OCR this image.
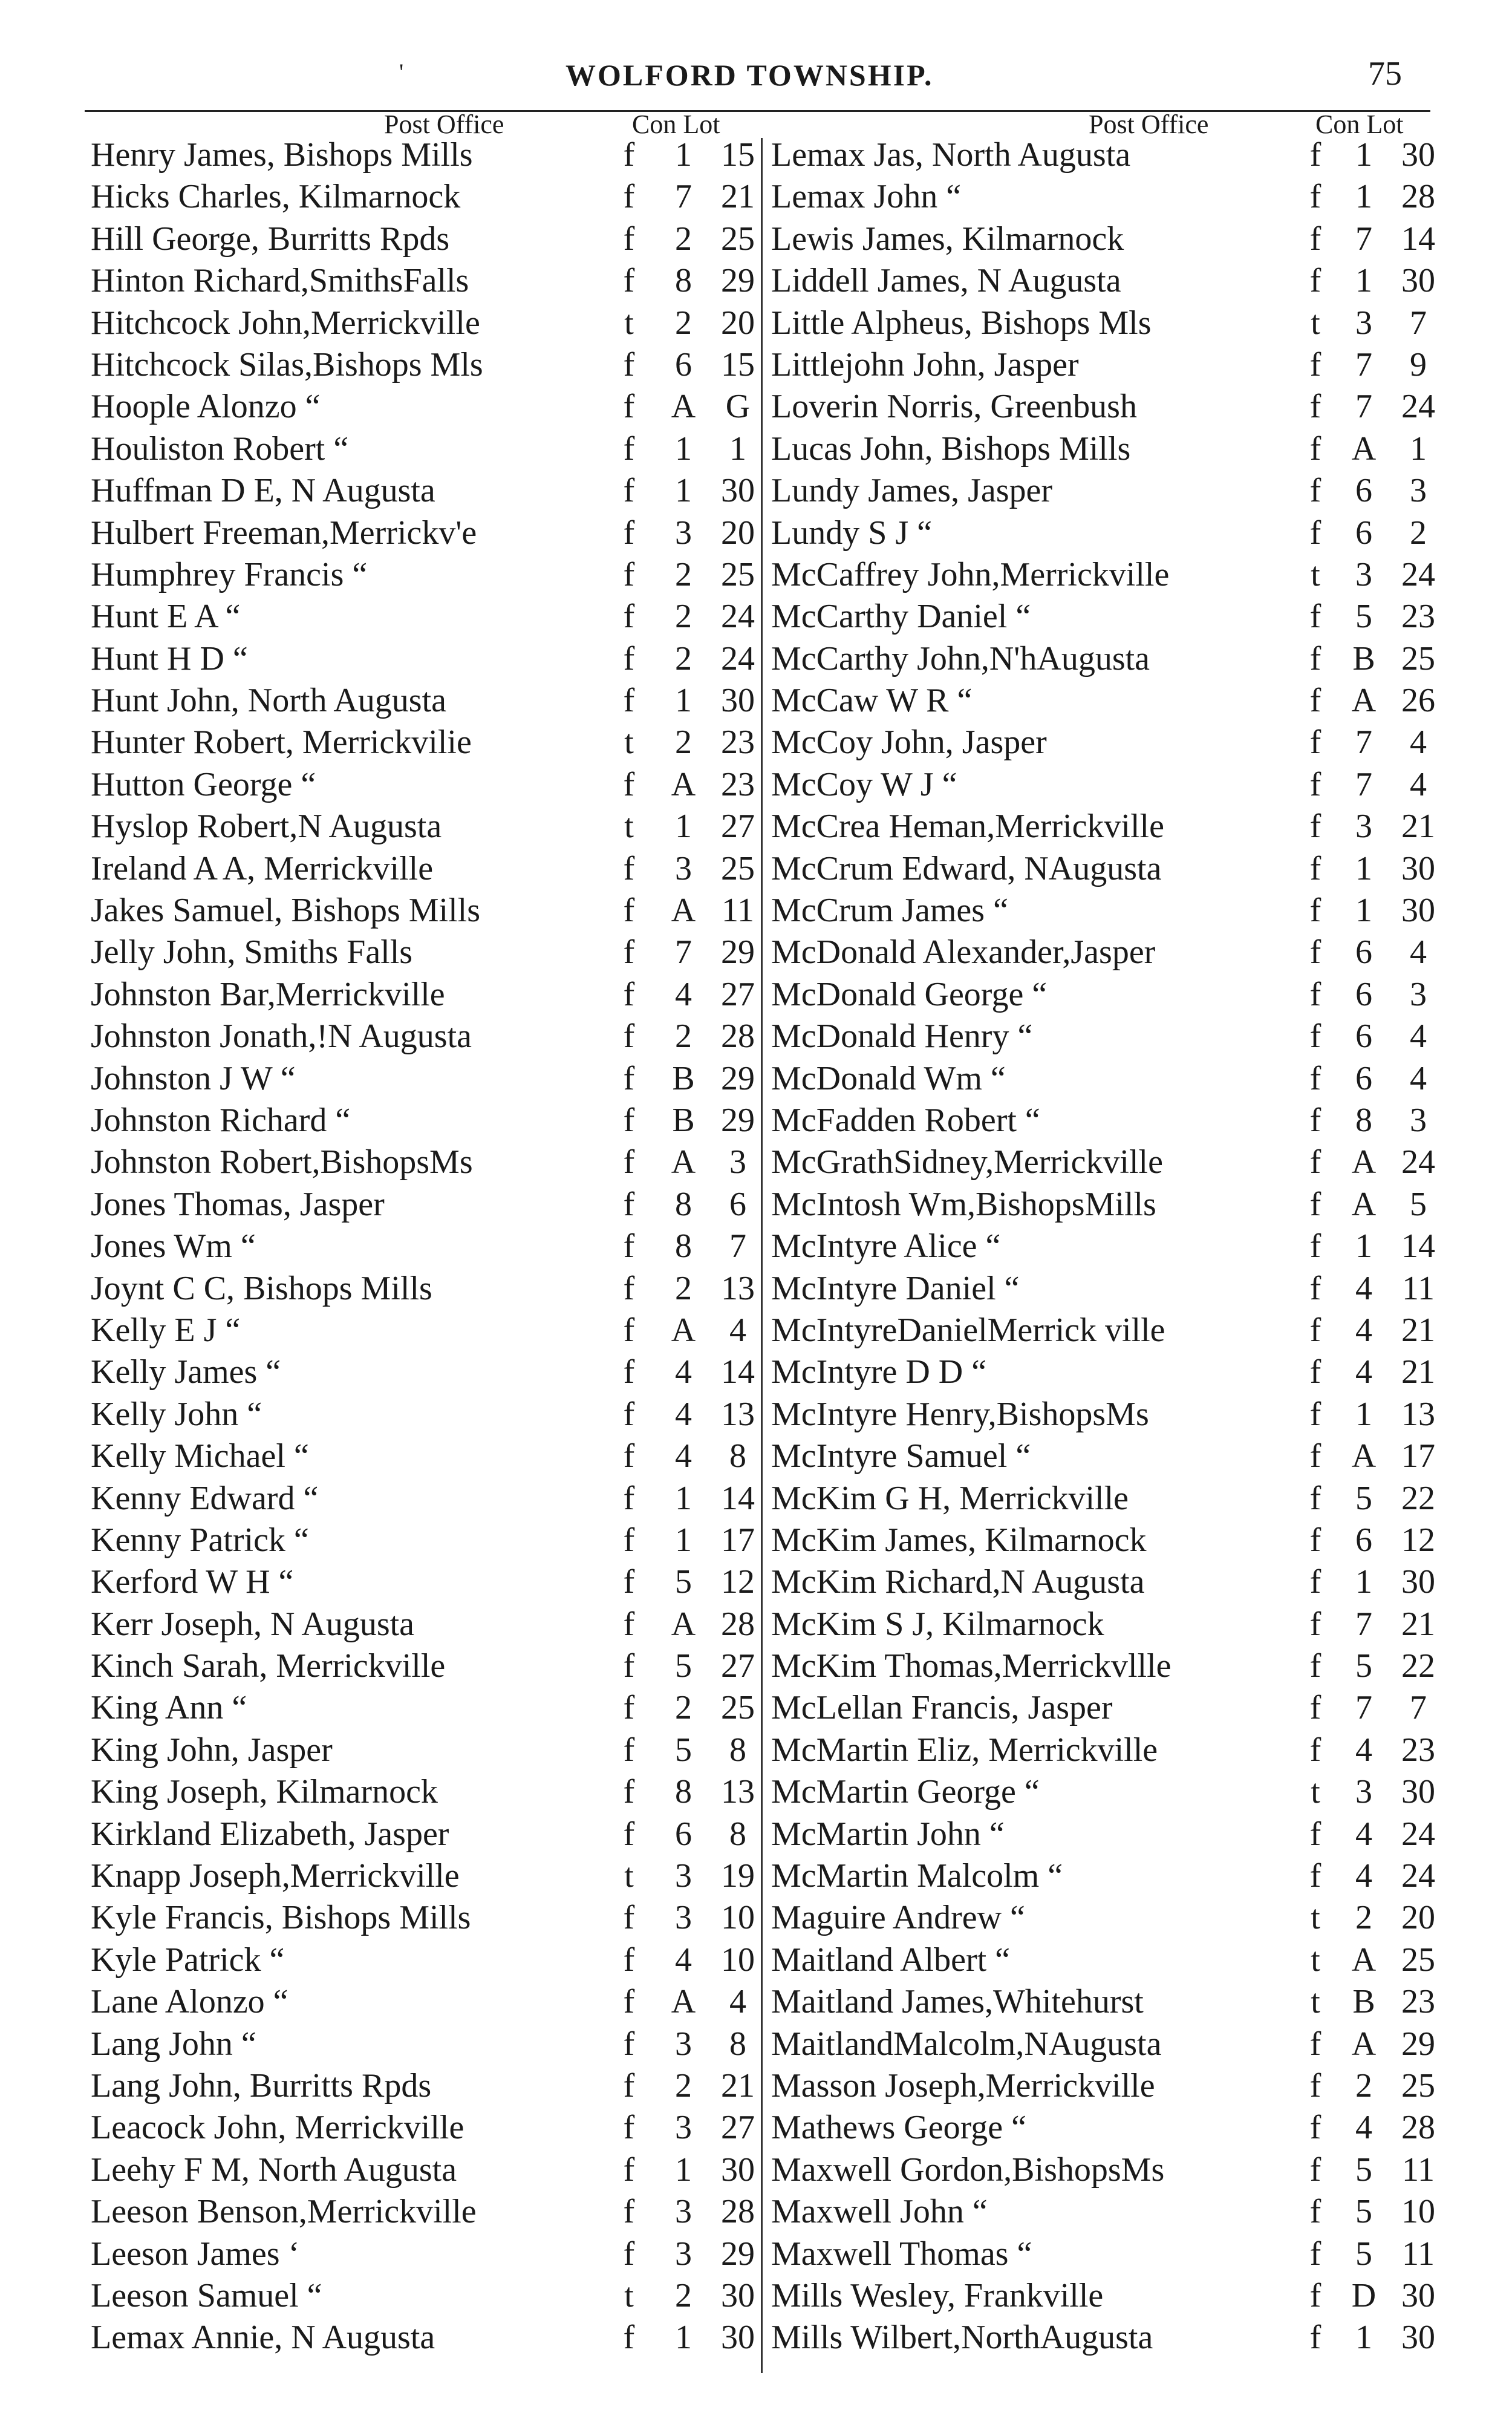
'	WOLFORD TOWNSHIP.	75
Post Office	Con Lot	Post Office	Con Lot
Henry James, Bishops Mills	f	1 15
Hicks Charles, Kilmarnock	f	7 21
Hill George, Burritts Rpds	f	2 25
Hinton Richard,SmithsFalls	f	8 29
Hitchcock John,Merrickville	t	2 20
Hitchcock Silas,Bishops Mls	f	6 15
Hoople Alonzo “	f	A G
Houliston Robert “	f	1	1
Huffman D E, N Augusta	f	1 30
Hulbert Freeman,Merrickv'e	f	3 20
Humphrey Francis “	f	2 25
Hunt E A “	f	2 24
Hunt H D “	f	2 24
Hunt John, North Augusta	f	1 30
Hunter Robert, Merrickvilie	t	2 23
Hutton George “	f	A 23
Hyslop Robert,N Augusta	t	1 27
Ireland A A, Merrickville	f	3 25
Jakes Samuel, Bishops Mills	f	A 11
Jelly John, Smiths Falls	f	7 29
Johnston Bar,Merrickville	f	4 27
Johnston Jonath,!N Augusta	f	2 28
Johnston J W “	f	B 29
Johnston Richard “	f	B 29
Johnston Robert,BishopsMs	f	A 3
Jones Thomas, Jasper	f	8	6
Jones Wm “	f	8	7
Joynt C C, Bishops Mills	f	2 13
Kelly E J “	f	A 4
Kelly James “	f	4 14
Kelly John “	f	4 13
Kelly Michael “	f	4	8
Kenny Edward “	f	1 14
Kenny Patrick “	f	1 17
Kerford W H “	f	5 12
Kerr Joseph, N Augusta	f	A 28
Kinch Sarah, Merrickville	f	5 27
King Ann “	f	2 25
King John, Jasper	f	5	8
King Joseph, Kilmarnock	f	8 13
Kirkland Elizabeth, Jasper	f	6	8
Knapp Joseph,Merrickville	t	3 19
Kyle Francis, Bishops Mills	f	3 10
Kyle Patrick “	f	4 10
Lane Alonzo “	f	A 4
Lang John “	f	3	8
Lang John, Burritts Rpds	f	2 21
Leacock John, Merrickville	f	3 27
Leehy F M, North Augusta	f	1 30
Leeson Benson,Merrickville	f	3 28
Leeson James ‘	f	3 29
Leeson Samuel “	t	2 30
Lemax Annie, N Augusta	f	1 30
Lemax Jas, North Augusta	f	1 30
Lemax John “	f	1 28
Lewis James, Kilmarnock	f	7 14
Liddell James, N Augusta	f	1 30
Little Alpheus, Bishops Mls	t	3	7
Littlejohn John, Jasper	f	7	9
Loverin Norris, Greenbush	f	7 24
Lucas John, Bishops Mills	f A 1
Lundy James, Jasper	f	6	3
Lundy S J “	f	6	2
McCaffrey John,Merrickville	t	3 24
McCarthy Daniel “	f	5 23
McCarthy John,N'hAugusta	f B 25
McCaw W R “	f A 26
McCoy John, Jasper	f	7	4
McCoy W J “	f	7	4
McCrea Heman,Merrickville	f	3 21
McCrum Edward, NAugusta	f	1 30
McCrum James “	f	1 30
McDonald Alexander,Jasper	f	6	4
McDonald George “	f	6	3
McDonald Henry “	f	6	4
McDonald Wm “	f	6	4
McFadden Robert “	f	8	3
McGrathSidney,Merrickville	f A 24
McIntosh Wm,BishopsMills	f A 5
McIntyre Alice “	f	1 14
McIntyre Daniel “	f	4 11
McIntyreDanielMerrick ville	f	4 21
McIntyre D D “	f	4 21
McIntyre Henry,BishopsMs	f	1 13
McIntyre Samuel “	f A 17
McKim G H, Merrickville	f	5 22
McKim James, Kilmarnock	f	6 12
McKim Richard,N Augusta	f	1 30
McKim S J, Kilmarnock	f	7 21
McKim Thomas,Merrickvllle	f	5 22
McLellan Francis, Jasper	f	7	7
McMartin Eliz, Merrickville	f	4 23
McMartin George “	t	3 30
McMartin John “	f	4 24
McMartin Malcolm “	f	4 24
Maguire Andrew “	t	2 20
Maitland Albert “	t A 25
Maitland James,Whitehurst	t B 23
MaitlandMalcolm,NAugusta	f A 29
Masson Joseph,Merrickville	f	2 25
Mathews George “	f	4 28
Maxwell Gordon,BishopsMs	f	5 11
Maxwell John “	f	5 10
Maxwell Thomas “	f	5 11
Mills Wesley, Frankville	f D 30
Mills Wilbert,NorthAugusta	f	1 30
